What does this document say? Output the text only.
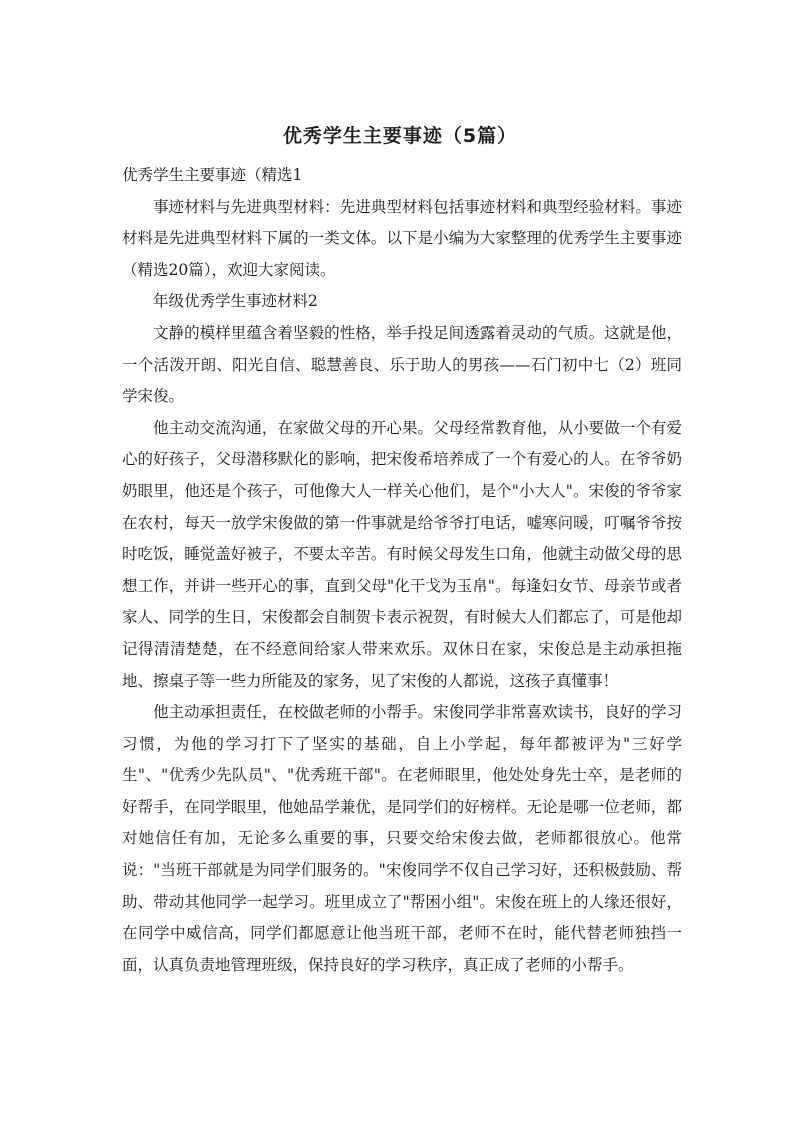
优秀学生主要事迹（5篇）

优秀学生主要事迹（精选1

事迹材料与先进典型材料：先进典型材料包括事迹材料和典型经验材料。事迹材料是先进典型材料下属的一类文体。以下是小编为大家整理的优秀学生主要事迹（精选20篇），欢迎大家阅读。

年级优秀学生事迹材料2

文静的模样里蕴含着坚毅的性格，举手投足间透露着灵动的气质。这就是他，一个活泼开朗、阳光自信、聪慧善良、乐于助人的男孩——石门初中七（2）班同学宋俊。

他主动交流沟通，在家做父母的开心果。父母经常教育他，从小要做一个有爱心的好孩子，父母潜移默化的影响，把宋俊希培养成了一个有爱心的人。在爷爷奶奶眼里，他还是个孩子，可他像大人一样关心他们，是个"小大人"。宋俊的爷爷家在农村，每天一放学宋俊做的第一件事就是给爷爷打电话，嘘寒问暖，叮嘱爷爷按时吃饭，睡觉盖好被子，不要太辛苦。有时候父母发生口角，他就主动做父母的思想工作，并讲一些开心的事，直到父母"化干戈为玉帛"。每逢妇女节、母亲节或者家人、同学的生日，宋俊都会自制贺卡表示祝贺，有时候大人们都忘了，可是他却记得清清楚楚，在不经意间给家人带来欢乐。双休日在家，宋俊总是主动承担拖地、擦桌子等一些力所能及的家务，见了宋俊的人都说，这孩子真懂事！

他主动承担责任，在校做老师的小帮手。宋俊同学非常喜欢读书，良好的学习习惯，为他的学习打下了坚实的基础，自上小学起，每年都被评为"三好学生"、"优秀少先队员"、"优秀班干部"。在老师眼里，他处处身先士卒，是老师的好帮手，在同学眼里，他她品学兼优，是同学们的好榜样。无论是哪一位老师，都对她信任有加，无论多么重要的事，只要交给宋俊去做，老师都很放心。他常说："当班干部就是为同学们服务的。"宋俊同学不仅自己学习好，还积极鼓励、帮助、带动其他同学一起学习。班里成立了"帮困小组"。宋俊在班上的人缘还很好，在同学中威信高，同学们都愿意让他当班干部，老师不在时，能代替老师独挡一面，认真负责地管理班级，保持良好的学习秩序，真正成了老师的小帮手。
